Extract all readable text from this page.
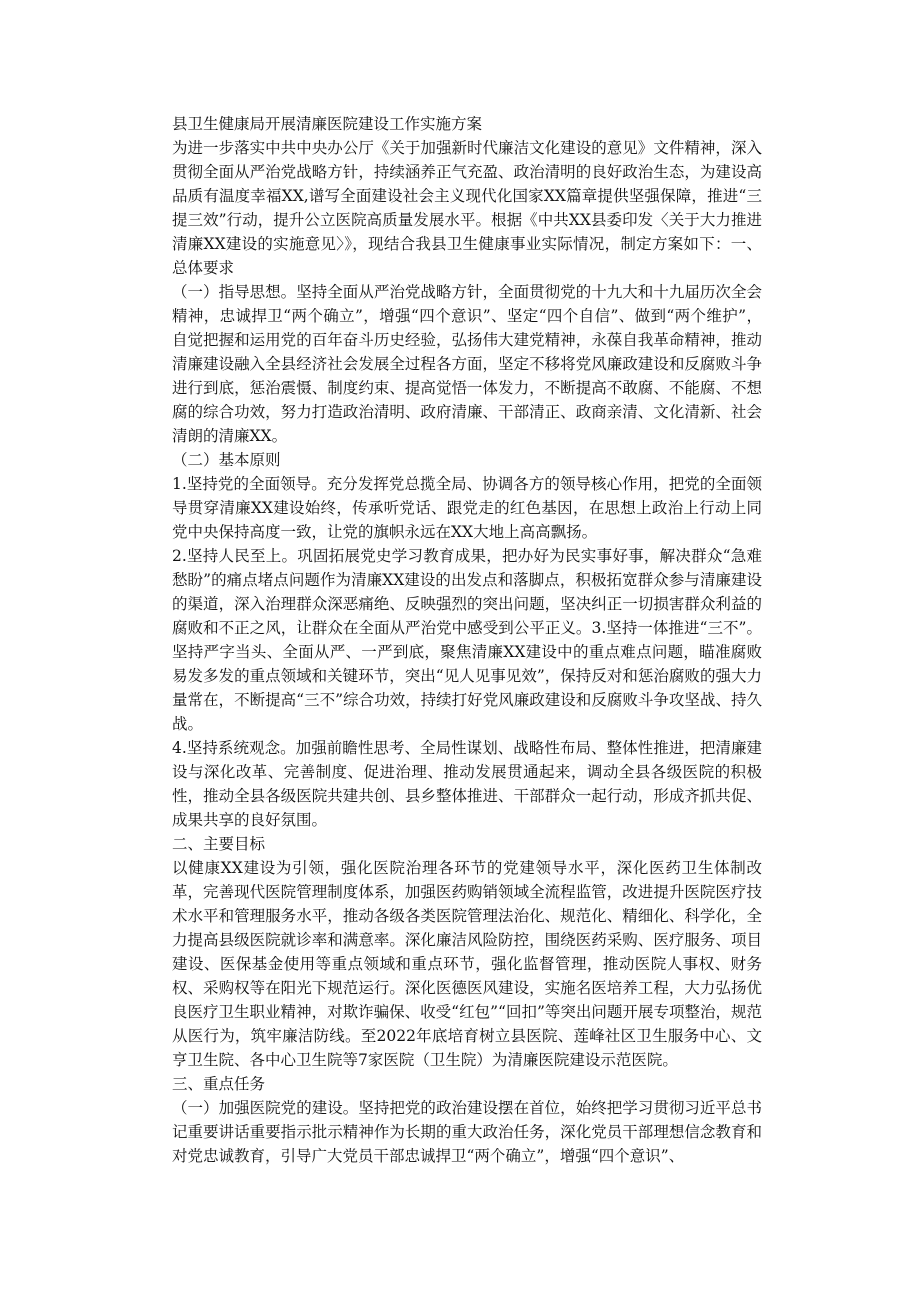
县卫生健康局开展清廉医院建设工作实施方案

为进一步落实中共中央办公厅《关于加强新时代廉洁文化建设的意见》文件精神，深入贯彻全面从严治党战略方针，持续涵养正气充盈、政治清明的良好政治生态，为建设高品质有温度幸福XX,谱写全面建设社会主义现代化国家XX篇章提供坚强保障，推进“三提三效”行动，提升公立医院高质量发展水平。根据《中共XX县委印发〈关于大力推进清廉XX建设的实施意见〉》，现结合我县卫生健康事业实际情况，制定方案如下：一、总体要求

（一）指导思想。坚持全面从严治党战略方针，全面贯彻党的十九大和十九届历次全会精神，忠诚捍卫“两个确立”，增强“四个意识”、坚定“四个自信”、做到“两个维护”，自觉把握和运用党的百年奋斗历史经验，弘扬伟大建党精神，永葆自我革命精神，推动清廉建设融入全县经济社会发展全过程各方面，坚定不移将党风廉政建设和反腐败斗争进行到底，惩治震慑、制度约束、提高觉悟一体发力，不断提高不敢腐、不能腐、不想腐的综合功效，努力打造政治清明、政府清廉、干部清正、政商亲清、文化清新、社会清朗的清廉XX。

（二）基本原则

1.坚持党的全面领导。充分发挥党总揽全局、协调各方的领导核心作用，把党的全面领导贯穿清廉XX建设始终，传承听党话、跟党走的红色基因，在思想上政治上行动上同党中央保持高度一致，让党的旗帜永远在XX大地上高高飘扬。

2.坚持人民至上。巩固拓展党史学习教育成果，把办好为民实事好事，解决群众“急难愁盼”的痛点堵点问题作为清廉XX建设的出发点和落脚点，积极拓宽群众参与清廉建设的渠道，深入治理群众深恶痛绝、反映强烈的突出问题，坚决纠正一切损害群众利益的腐败和不正之风，让群众在全面从严治党中感受到公平正义。3.坚持一体推进“三不”。坚持严字当头、全面从严、一严到底，聚焦清廉XX建设中的重点难点问题，瞄准腐败易发多发的重点领域和关键环节，突出“见人见事见效”，保持反对和惩治腐败的强大力量常在，不断提高“三不”综合功效，持续打好党风廉政建设和反腐败斗争攻坚战、持久战。

4.坚持系统观念。加强前瞻性思考、全局性谋划、战略性布局、整体性推进，把清廉建设与深化改革、完善制度、促进治理、推动发展贯通起来，调动全县各级医院的积极性，推动全县各级医院共建共创、县乡整体推进、干部群众一起行动，形成齐抓共促、成果共享的良好氛围。

二、主要目标

以健康XX建设为引领，强化医院治理各环节的党建领导水平，深化医药卫生体制改革，完善现代医院管理制度体系，加强医药购销领域全流程监管，改进提升医院医疗技术水平和管理服务水平，推动各级各类医院管理法治化、规范化、精细化、科学化，全力提高县级医院就诊率和满意率。深化廉洁风险防控，围绕医药采购、医疗服务、项目建设、医保基金使用等重点领域和重点环节，强化监督管理，推动医院人事权、财务权、采购权等在阳光下规范运行。深化医德医风建设，实施名医培养工程，大力弘扬优良医疗卫生职业精神，对欺诈骗保、收受“红包”“回扣”等突出问题开展专项整治，规范从医行为，筑牢廉洁防线。至2022年底培育树立县医院、莲峰社区卫生服务中心、文亨卫生院、各中心卫生院等7家医院（卫生院）为清廉医院建设示范医院。

三、重点任务

（一）加强医院党的建设。坚持把党的政治建设摆在首位，始终把学习贯彻习近平总书记重要讲话重要指示批示精神作为长期的重大政治任务，深化党员干部理想信念教育和对党忠诚教育，引导广大党员干部忠诚捍卫“两个确立”，增强“四个意识”、
